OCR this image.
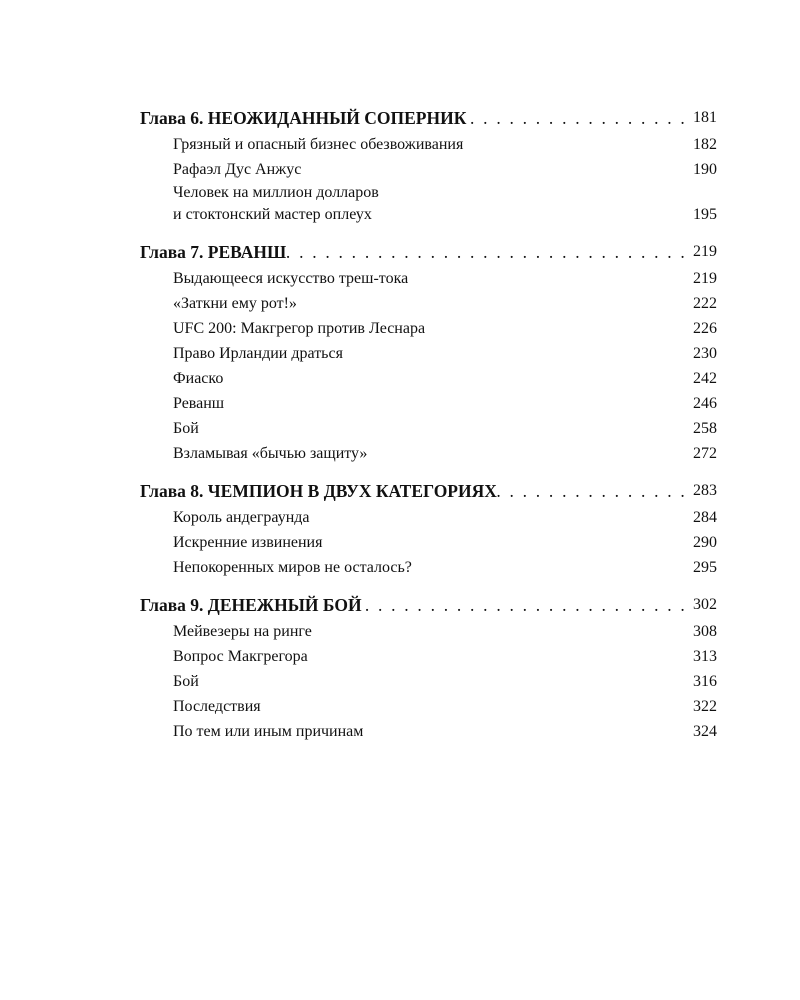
Глава 6. НЕОЖИДАННЫЙ СОПЕРНИК . . .	181
Грязный и опасный бизнес обезвоживания	182
Рафаэл Дус Анжус	190
Человек на миллион долларов
и стоктонский мастер оплеух	195
Глава 7. РЕВАНШ . . .	219
Выдающееся искусство треш-тока	219
«Заткни ему рот!»	222
UFC 200: Макгрегор против Леснара	226
Право Ирландии драться	230
Фиаско	242
Реванш	246
Бой	258
Взламывая «бычью защиту»	272
Глава 8. ЧЕМПИОН В ДВУХ КАТЕГОРИЯХ . . .	283
Король андеграунда	284
Искренние извинения	290
Непокоренных миров не осталось?	295
Глава 9. ДЕНЕЖНЫЙ БОЙ . . .	302
Мейвезеры на ринге	308
Вопрос Макгрегора	313
Бой	316
Последствия	322
По тем или иным причинам	324
